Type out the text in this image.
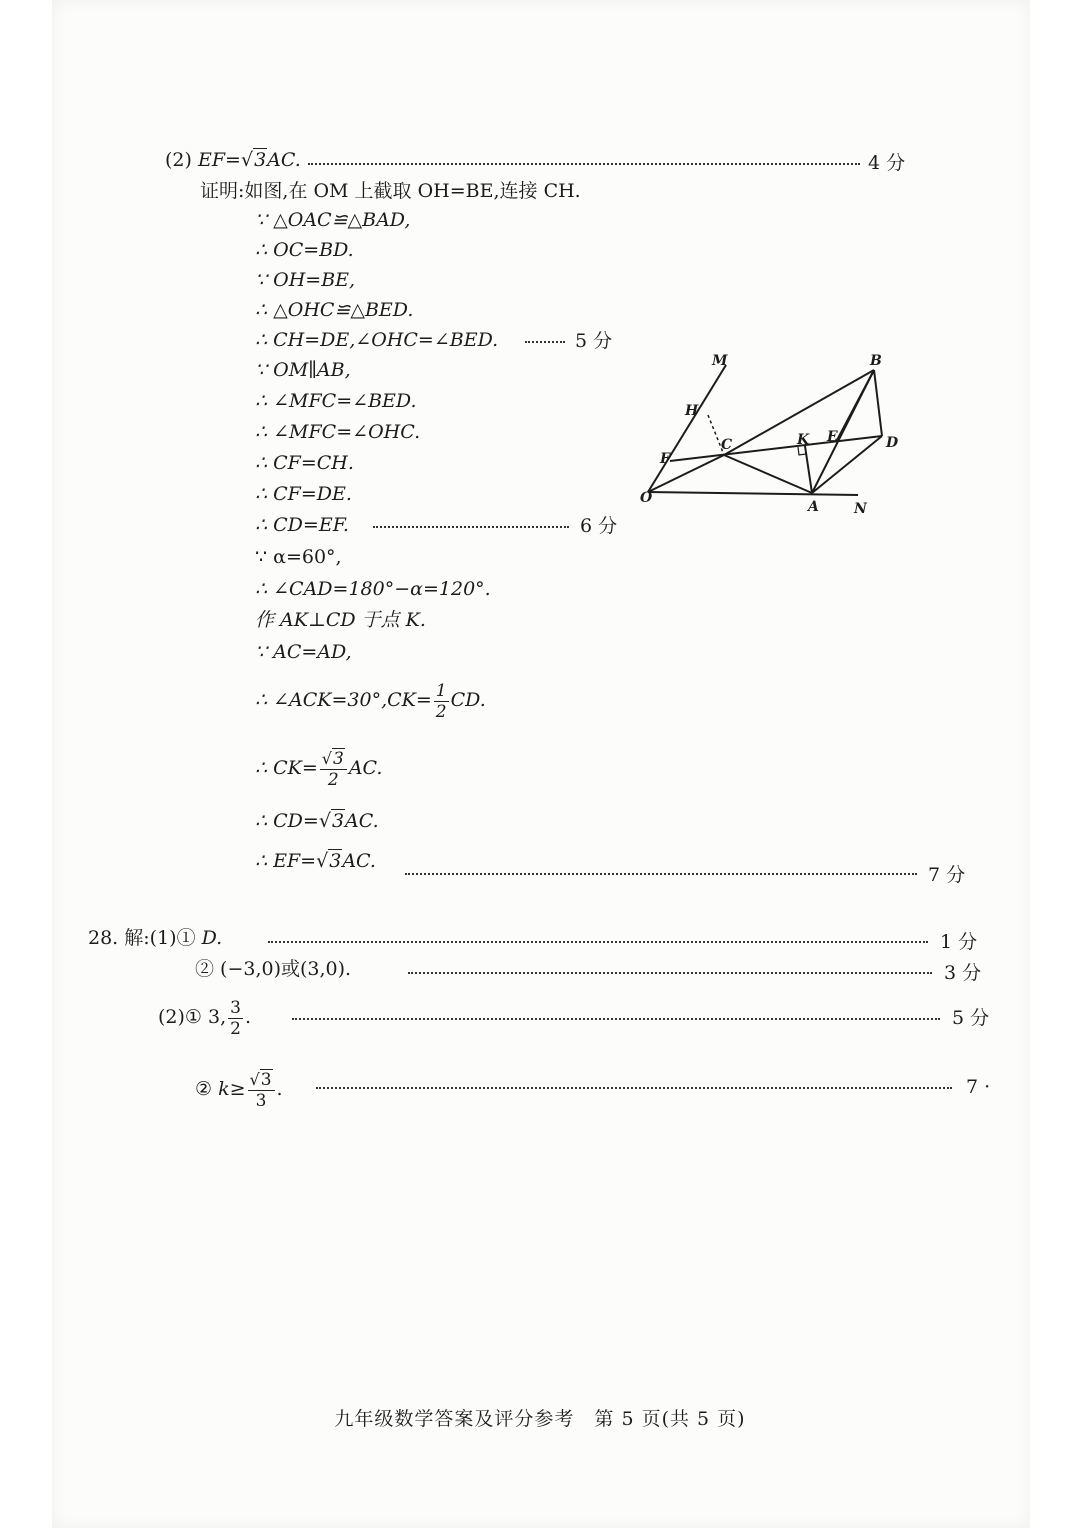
(2) EF=√3AC.	4 分
证明:如图,在 OM 上截取 OH=BE,连接 CH.
∵ △OAC≌△BAD,
∴ OC=BD.
∵ OH=BE,
∴ △OHC≌△BED.
∴ CH=DE,∠OHC=∠BED.	5 分
∵ OM∥AB,
∴ ∠MFC=∠BED.
∴ ∠MFC=∠OHC.
∴ CF=CH.
∴ CF=DE.
∴ CD=EF.	6 分
∵ α=60°,
∴ ∠CAD=180°−α=120°.
作 AK⊥CD 于点 K.
∵ AC=AD,
∴ ∠ACK=30°,CK= $\frac{1}{2}$ CD.
∴ $CK= \frac{√3}{2}$ AC.
∴ CD=√3AC.
∴ EF=√3AC.
7 分
M
H
F
O
C	K E
B
D
A	N
28. 解:(1)① D.	1 分
② (−3,0)或(3,0).	3 分
(2)① 3, $\frac{3}{2}$ .	5 分
② $k\ge \frac{√3}{3}$ .	7 ·
九年级数学答案及评分参考　第 5 页(共 5 页)
